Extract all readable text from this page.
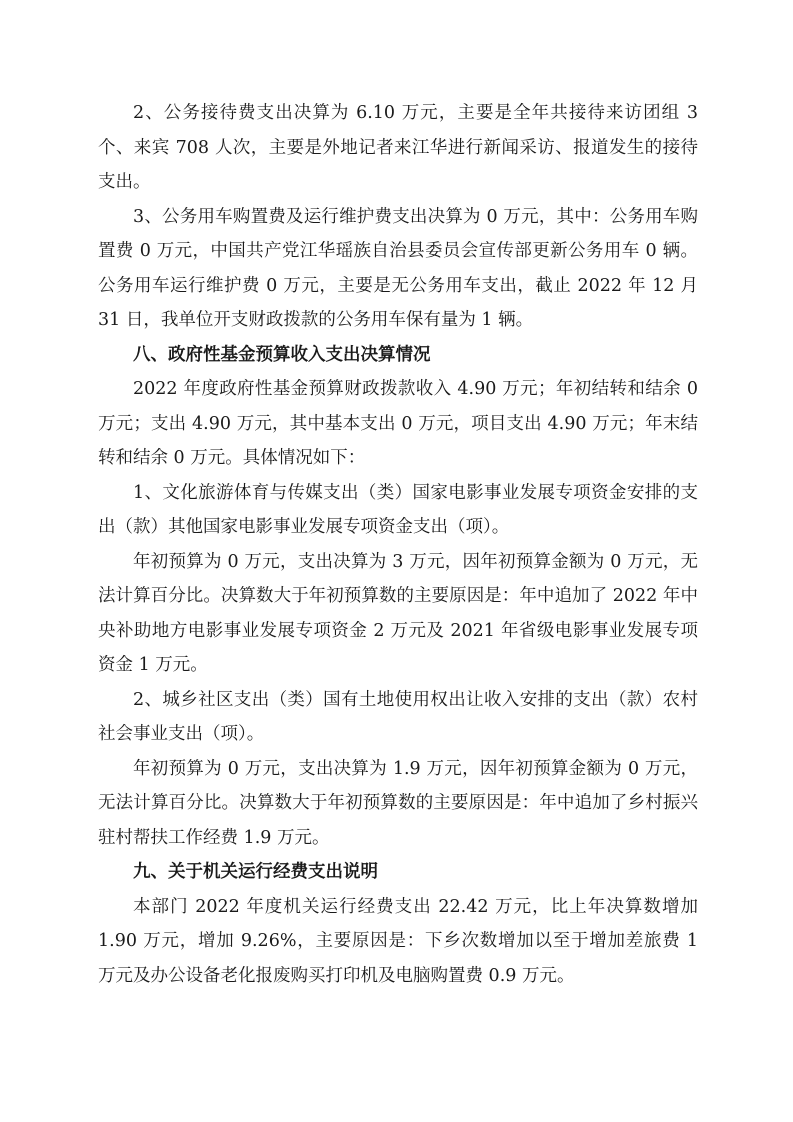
2、公务接待费支出决算为 6.10 万元，主要是全年共接待来访团组 3 个、来宾 708 人次，主要是外地记者来江华进行新闻采访、报道发生的接待支出。

3、公务用车购置费及运行维护费支出决算为 0 万元，其中：公务用车购置费 0 万元，中国共产党江华瑶族自治县委员会宣传部更新公务用车 0 辆。公务用车运行维护费 0 万元，主要是无公务用车支出，截止 2022 年 12 月 31 日，我单位开支财政拨款的公务用车保有量为 1 辆。

八、政府性基金预算收入支出决算情况

2022 年度政府性基金预算财政拨款收入 4.90 万元；年初结转和结余 0 万元；支出 4.90 万元，其中基本支出 0 万元，项目支出 4.90 万元；年末结转和结余 0 万元。具体情况如下：

1、文化旅游体育与传媒支出（类）国家电影事业发展专项资金安排的支出（款）其他国家电影事业发展专项资金支出（项）。

年初预算为 0 万元，支出决算为 3 万元，因年初预算金额为 0 万元，无法计算百分比。决算数大于年初预算数的主要原因是：年中追加了 2022 年中央补助地方电影事业发展专项资金 2 万元及 2021 年省级电影事业发展专项资金 1 万元。

2、城乡社区支出（类）国有土地使用权出让收入安排的支出（款）农村社会事业支出（项）。

年初预算为 0 万元，支出决算为 1.9 万元，因年初预算金额为 0 万元，无法计算百分比。决算数大于年初预算数的主要原因是：年中追加了乡村振兴驻村帮扶工作经费 1.9 万元。

九、关于机关运行经费支出说明

本部门 2022 年度机关运行经费支出 22.42 万元，比上年决算数增加 1.90 万元，增加 9.26%，主要原因是：下乡次数增加以至于增加差旅费 1 万元及办公设备老化报废购买打印机及电脑购置费 0.9 万元。
